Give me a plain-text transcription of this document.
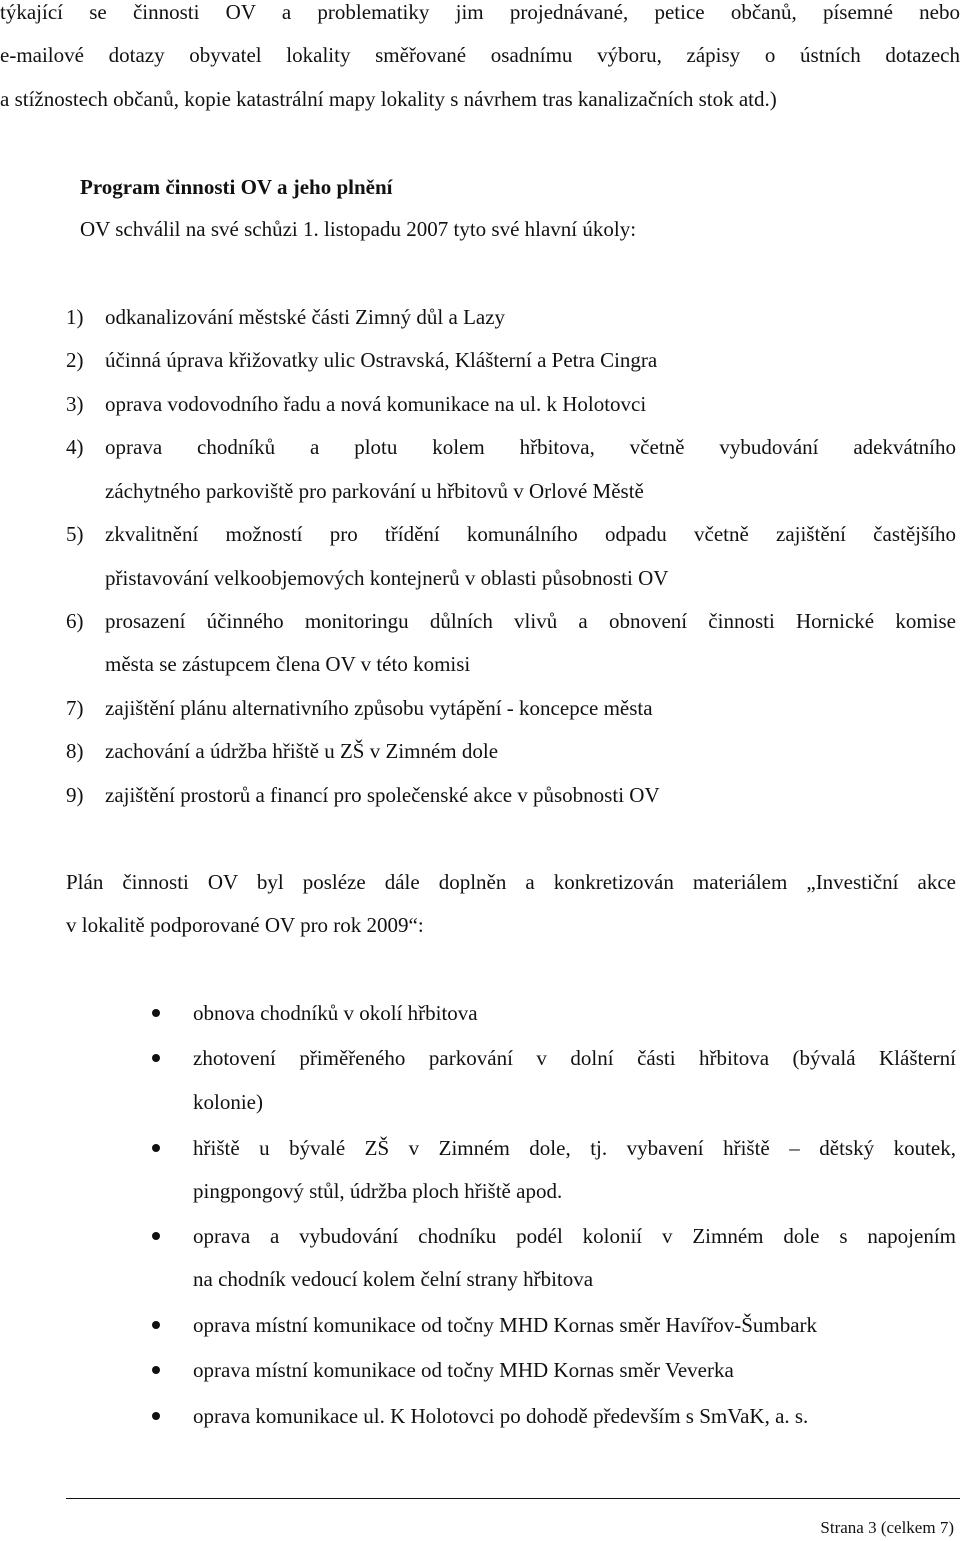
týkající se činnosti OV a problematiky jim projednávané, petice občanů, písemné nebo
e-mailové dotazy obyvatel lokality směřované osadnímu výboru, zápisy o ústních dotazech
a stížnostech občanů, kopie katastrální mapy lokality s návrhem tras kanalizačních stok atd.)
Program činnosti OV a jeho plnění
OV schválil na své schůzi 1. listopadu 2007 tyto své hlavní úkoly:
1) odkanalizování městské části Zimný důl a Lazy
2) účinná úprava křižovatky ulic Ostravská, Klášterní a Petra Cingra
3) oprava vodovodního řadu a nová komunikace na ul. k Holotovci
4) oprava chodníků a plotu kolem hřbitova, včetně vybudování adekvátního
záchytného parkoviště pro parkování u hřbitovů v Orlové Městě
5) zkvalitnění možností pro třídění komunálního odpadu včetně zajištění častějšího
přistavování velkoobjemových kontejnerů v oblasti působnosti OV
6) prosazení účinného monitoringu důlních vlivů a obnovení činnosti Hornické komise
města se zástupcem člena OV v této komisi
7) zajištění plánu alternativního způsobu vytápění - koncepce města
8) zachování a údržba hřiště u ZŠ v Zimném dole
9) zajištění prostorů a financí pro společenské akce v působnosti OV
Plán činnosti OV byl posléze dále doplněn a konkretizován materiálem „Investiční akce
v lokalitě podporované OV pro rok 2009“:
obnova chodníků v okolí hřbitova
zhotovení přiměřeného parkování v dolní části hřbitova (bývalá Klášterní
kolonie)
hřiště u bývalé ZŠ v Zimném dole, tj. vybavení hřiště – dětský koutek,
pingpongový stůl, údržba ploch hřiště apod.
oprava a vybudování chodníku podél kolonií v Zimném dole s napojením
na chodník vedoucí kolem čelní strany hřbitova
oprava místní komunikace od točny MHD Kornas směr Havířov-Šumbark
oprava místní komunikace od točny MHD Kornas směr Veverka
oprava komunikace ul. K Holotovci po dohodě především s SmVaK, a. s.
Strana 3 (celkem 7)
